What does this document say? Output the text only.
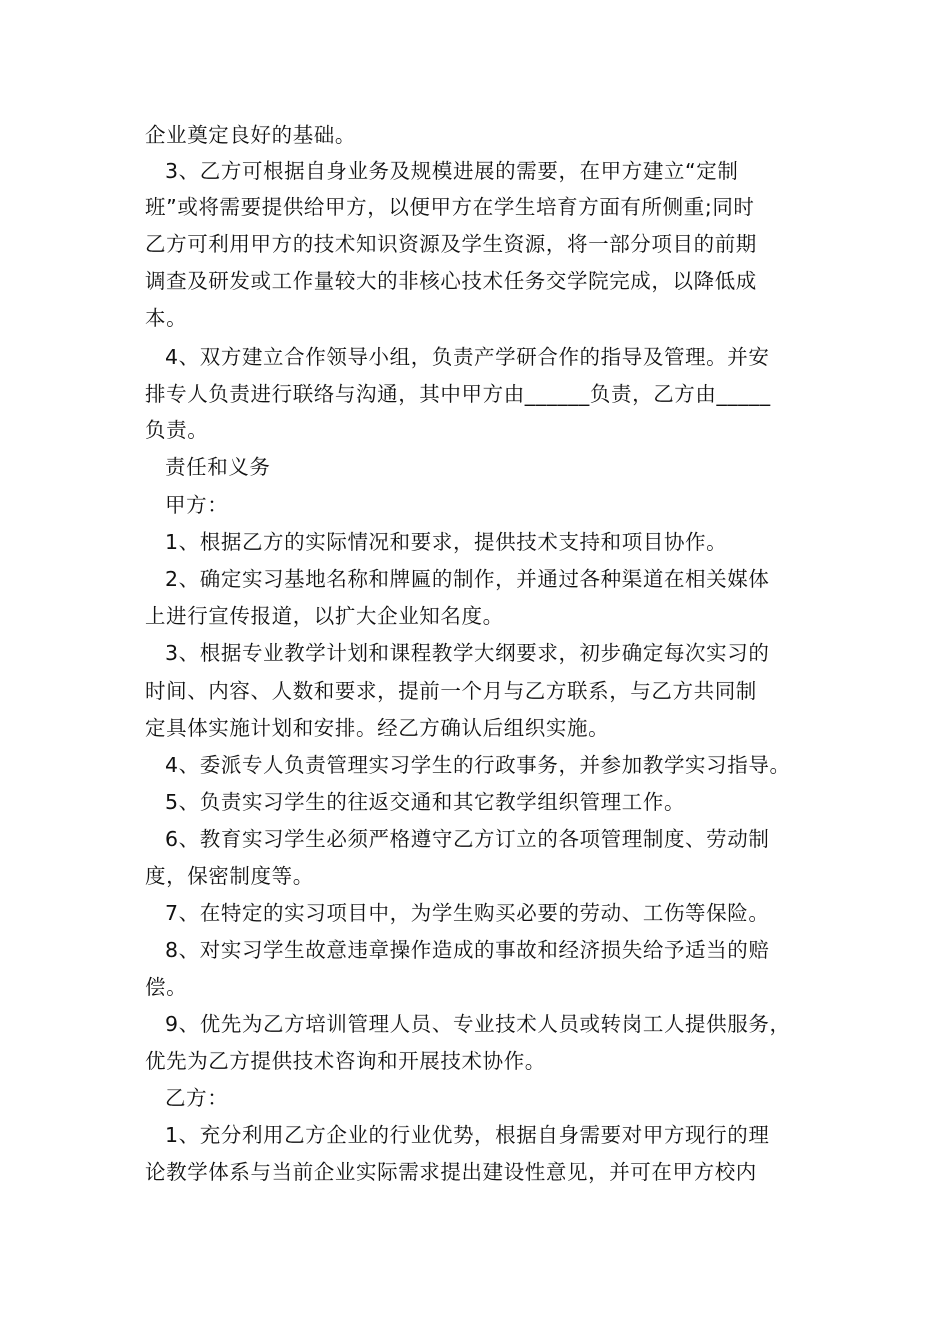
企业奠定良好的基础。
3、乙方可根据自身业务及规模进展的需要，在甲方建立“定制
班”或将需要提供给甲方，以便甲方在学生培育方面有所侧重;同时
乙方可利用甲方的技术知识资源及学生资源，将一部分项目的前期
调查及研发或工作量较大的非核心技术任务交学院完成，以降低成
本。
4、双方建立合作领导小组，负责产学研合作的指导及管理。并安
排专人负责进行联络与沟通，其中甲方由______负责，乙方由_____
负责。
责任和义务
甲方：
1、根据乙方的实际情况和要求，提供技术支持和项目协作。
2、确定实习基地名称和牌匾的制作，并通过各种渠道在相关媒体
上进行宣传报道，以扩大企业知名度。
3、根据专业教学计划和课程教学大纲要求，初步确定每次实习的
时间、内容、人数和要求，提前一个月与乙方联系，与乙方共同制
定具体实施计划和安排。经乙方确认后组织实施。
4、委派专人负责管理实习学生的行政事务，并参加教学实习指导。
5、负责实习学生的往返交通和其它教学组织管理工作。
6、教育实习学生必须严格遵守乙方订立的各项管理制度、劳动制
度，保密制度等。
7、在特定的实习项目中，为学生购买必要的劳动、工伤等保险。
8、对实习学生故意违章操作造成的事故和经济损失给予适当的赔
偿。
9、优先为乙方培训管理人员、专业技术人员或转岗工人提供服务，
优先为乙方提供技术咨询和开展技术协作。
乙方：
1、充分利用乙方企业的行业优势，根据自身需要对甲方现行的理
论教学体系与当前企业实际需求提出建设性意见，并可在甲方校内
